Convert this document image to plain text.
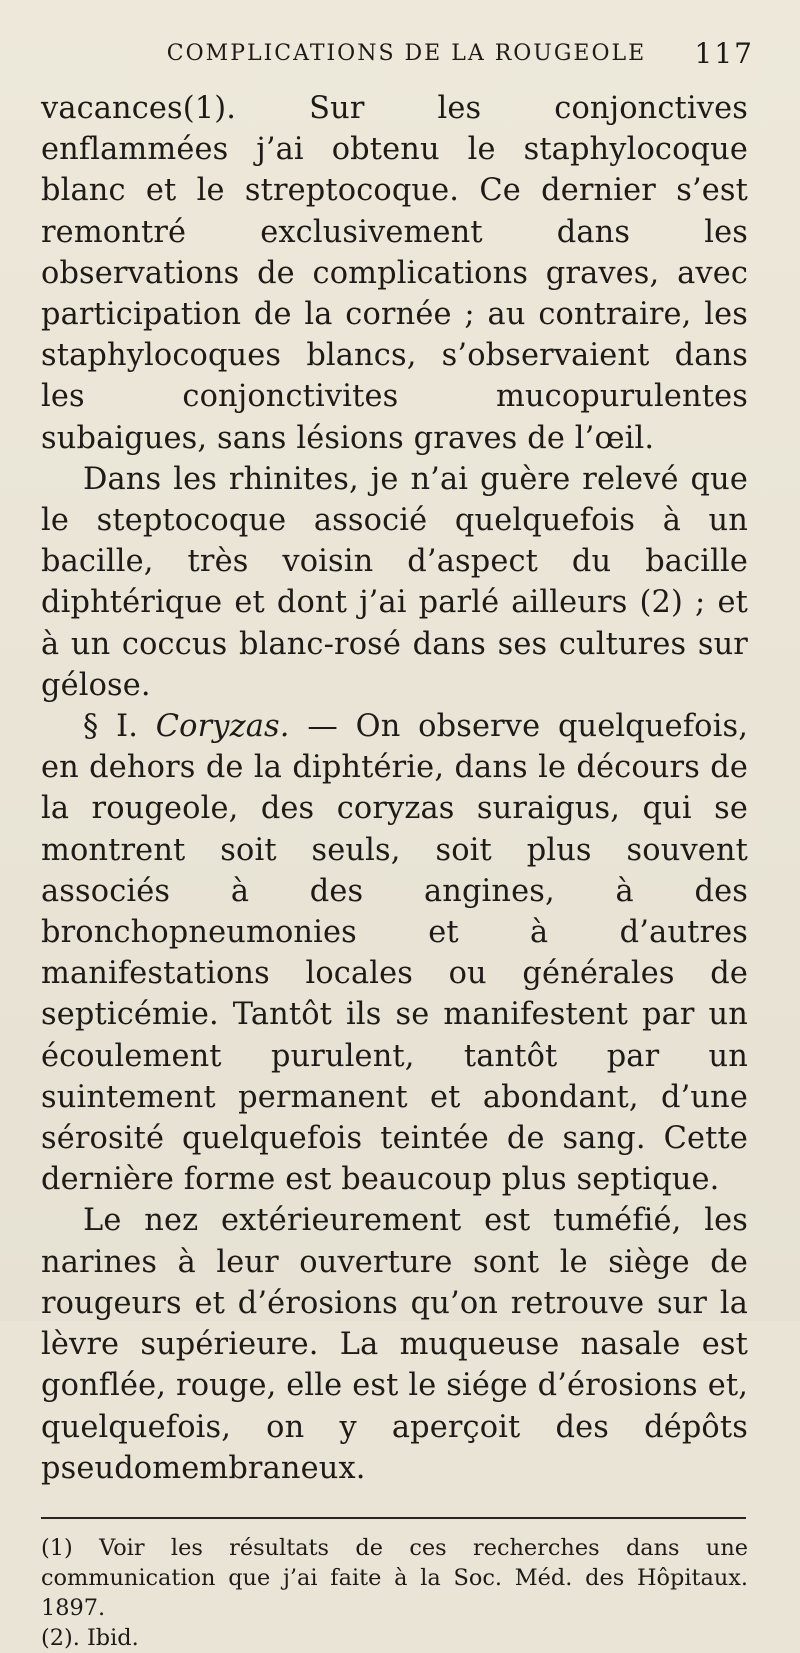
COMPLICATIONS DE LA ROUGEOLE	117

vacances(1). Sur les conjonctives enflammées j’ai obtenu le staphylocoque blanc et le streptocoque. Ce dernier s’est remontré exclusivement dans les observations de complications graves, avec participation de la cornée ; au contraire, les staphylocoques blancs, s’observaient dans les conjonctivites mucopurulentes subaigues, sans lésions graves de l’œil.

Dans les rhinites, je n’ai guère relevé que le steptocoque associé quelquefois à un bacille, très voisin d’aspect du bacille diphtérique et dont j’ai parlé ailleurs (2) ; et à un coccus blanc-rosé dans ses cultures sur gélose.

§ I. Coryzas. — On observe quelquefois, en dehors de la diphtérie, dans le décours de la rougeole, des coryzas suraigus, qui se montrent soit seuls, soit plus souvent associés à des angines, à des bronchopneumonies et à d’autres manifestations locales ou générales de septicémie. Tantôt ils se manifestent par un écoulement purulent, tantôt par un suintement permanent et abondant, d’une sérosité quelquefois teintée de sang. Cette dernière forme est beaucoup plus septique.

Le nez extérieurement est tuméfié, les narines à leur ouverture sont le siège de rougeurs et d’érosions qu’on retrouve sur la lèvre supérieure. La muqueuse nasale est gonflée, rouge, elle est le siége d’érosions et, quelquefois, on y aperçoit des dépôts pseudomembraneux.

(1) Voir les résultats de ces recherches dans une communication que j’ai faite à la Soc. Méd. des Hôpitaux. 1897.

(2). Ibid.
